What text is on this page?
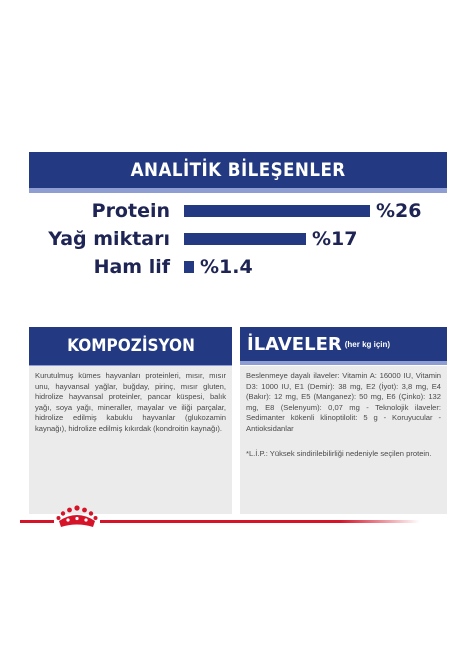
ANALİTİK BİLEŞENLER
Protein	%26
Yağ miktarı	%17
Ham lif %1.4
KOMPOZİSYON

Kurutulmuş kümes hayvanları proteinleri, mısır, mısır unu, hayvansal yağlar, buğday, pirinç, mısır gluten, hidrolize hayvansal proteinler, pancar küspesi, balık yağı, soya yağı, mineraller, mayalar ve iliği parçalar, hidrolize edilmiş kabuklu hayvanlar (glukozamin kaynağı), hidrolize edilmiş kıkırdak (kondroitin kaynağı).

İLAVELER (her kg için)

Beslenmeye dayalı ilaveler: Vitamin A: 16000 IU, Vitamin D3: 1000 IU, E1 (Demir): 38 mg, E2 (İyot): 3,8 mg, E4 (Bakır): 12 mg, E5 (Manganez): 50 mg, E6 (Çinko): 132 mg, E8 (Selenyum): 0,07 mg - Teknolojik ilaveler: Sedimanter kökenli klinoptilolit: 5 g - Koruyucular - Antioksidanlar

*L.İ.P.: Yüksek sindirilebilirliği nedeniyle seçilen protein.
